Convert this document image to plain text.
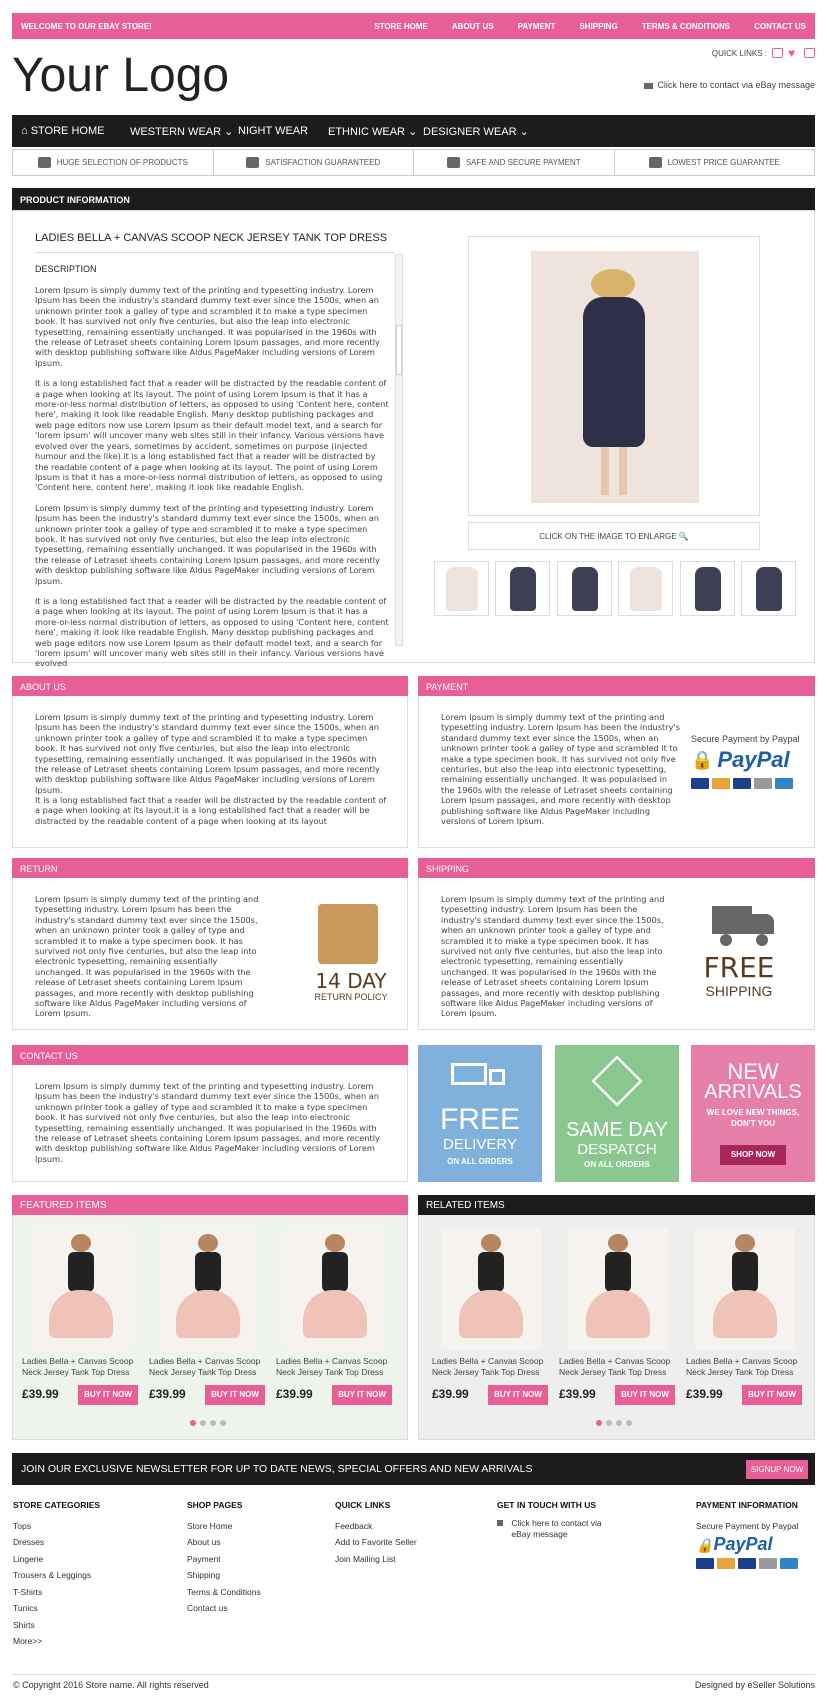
WELCOME TO OUR EBAY STORE!	STORE HOME	ABOUT US	PAYMENT	SHIPPING	TERMS & CONDITIONS	CONTACT US
Your Logo	QUICK LINKS : ♥
Click here to contact via eBay message
⌂ STORE HOME WESTERN WEAR ⌄ NIGHT WEAR ETHNIC WEAR ⌄ DESIGNER WEAR ⌄
HUGE SELECTION OF PRODUCTS	SATISFACTION GUARANTEED	SAFE AND SECURE PAYMENT	LOWEST PRICE GUARANTEE
PRODUCT INFORMATION
LADIES BELLA + CANVAS SCOOP NECK JERSEY TANK TOP DRESS
DESCRIPTION

Lorem Ipsum is simply dummy text of the printing and typesetting industry. Lorem Ipsum has been the industry's standard dummy text ever since the 1500s, when an unknown printer took a galley of type and scrambled it to make a type specimen book. It has survived not only five centuries, but also the leap into electronic typesetting, remaining essentially unchanged. It was popularised in the 1960s with the release of Letraset sheets containing Lorem Ipsum passages, and more recently with desktop publishing software like Aldus PageMaker including versions of Lorem Ipsum.

It is a long established fact that a reader will be distracted by the readable content of a page when looking at its layout. The point of using Lorem Ipsum is that it has a more-or-less normal distribution of letters, as opposed to using 'Content here, content here', making it look like readable English. Many desktop publishing packages and web page editors now use Lorem Ipsum as their default model text, and a search for 'lorem ipsum' will uncover many web sites still in their infancy. Various versions have evolved over the years, sometimes by accident, sometimes on purpose (injected humour and the like).it is a long established fact that a reader will be distracted by the readable content of a page when looking at its layout. The point of using Lorem Ipsum is that it has a more-or-less normal distribution of letters, as opposed to using 'Content here, content here', making it look like readable English.

Lorem Ipsum is simply dummy text of the printing and typesetting industry. Lorem Ipsum has been the industry's standard dummy text ever since the 1500s, when an unknown printer took a galley of type and scrambled it to make a type specimen book. It has survived not only five centuries, but also the leap into electronic typesetting, remaining essentially unchanged. It was popularised in the 1960s with the release of Letraset sheets containing Lorem Ipsum passages, and more recently with desktop publishing software like Aldus PageMaker including versions of Lorem Ipsum.

It is a long established fact that a reader will be distracted by the readable content of a page when looking at its layout. The point of using Lorem Ipsum is that it has a more-or-less normal distribution of letters, as opposed to using 'Content here, content here', making it look like readable English. Many desktop publishing packages and web page editors now use Lorem Ipsum as their default model text, and a search for 'lorem ipsum' will uncover many web sites still in their infancy. Various versions have evolved

CLICK ON THE IMAGE TO ENLARGE 🔍
ABOUT US

Lorem Ipsum is simply dummy text of the printing and typesetting industry. Lorem Ipsum has been the industry's standard dummy text ever since the 1500s, when an unknown printer took a galley of type and scrambled it to make a type specimen book. It has survived not only five centuries, but also the leap into electronic typesetting, remaining essentially unchanged. It was popularised in the 1960s with the release of Letraset sheets containing Lorem Ipsum passages, and more recently with desktop publishing software like Aldus PageMaker including versions of Lorem Ipsum.

It is a long established fact that a reader will be distracted by the readable content of a page when looking at its layout.it is a long established fact that a reader will be distracted by the readable content of a page when looking at its layout

PAYMENT

Lorem Ipsum is simply dummy text of the printing and typesetting industry. Lorem Ipsum has been the industry's standard dummy text ever since the 1500s, when an unknown printer took a galley of type and scrambled it to make a type specimen book. It has survived not only five centuries, but also the leap into electronic typesetting, remaining essentially unchanged. It was popularised in the 1960s with the release of Letraset sheets containing Lorem Ipsum passages, and more recently with desktop publishing software like Aldus PageMaker including versions of Lorem Ipsum.

Secure Payment by Paypal
🔒 PayPal
RETURN

Lorem Ipsum is simply dummy text of the printing and typesetting industry. Lorem Ipsum has been the industry's standard dummy text ever since the 1500s, when an unknown printer took a galley of type and scrambled it to make a type specimen book. It has survived not only five centuries, but also the leap into electronic typesetting, remaining essentially unchanged. It was popularised in the 1960s with the release of Letraset sheets containing Lorem Ipsum passages, and more recently with desktop publishing software like Aldus PageMaker including versions of Lorem Ipsum.

14 DAY
RETURN POLICY
SHIPPING

Lorem Ipsum is simply dummy text of the printing and typesetting industry. Lorem Ipsum has been the industry's standard dummy text ever since the 1500s, when an unknown printer took a galley of type and scrambled it to make a type specimen book. It has survived not only five centuries, but also the leap into electronic typesetting, remaining essentially unchanged. It was popularised in the 1960s with the release of Letraset sheets containing Lorem Ipsum passages, and more recently with desktop publishing software like Aldus PageMaker including versions of Lorem Ipsum.

FREE
SHIPPING
CONTACT US

Lorem Ipsum is simply dummy text of the printing and typesetting industry. Lorem Ipsum has been the industry's standard dummy text ever since the 1500s, when an unknown printer took a galley of type and scrambled it to make a type specimen book. It has survived not only five centuries, but also the leap into electronic typesetting, remaining essentially unchanged. It was popularised in the 1960s with the release of Letraset sheets containing Lorem Ipsum passages, and more recently with desktop publishing software like Aldus PageMaker including versions of Lorem Ipsum.

FREE
DELIVERY
ON ALL ORDERS
SAME DAY
DESPATCH
ON ALL ORDERS
NEW
ARRIVALS
WE LOVE NEW THINGS, DON'T YOU
SHOP NOW
FEATURED ITEMS	RELATED ITEMS
Ladies Bella + Canvas Scoop Neck Jersey Tank Top Dress
£39.99	BUY IT NOW
Ladies Bella + Canvas Scoop Neck Jersey Tank Top Dress
£39.99	BUY IT NOW
Ladies Bella + Canvas Scoop Neck Jersey Tank Top Dress
£39.99	BUY IT NOW
Ladies Bella + Canvas Scoop Neck Jersey Tank Top Dress
£39.99	BUY IT NOW
Ladies Bella + Canvas Scoop Neck Jersey Tank Top Dress
£39.99	BUY IT NOW
Ladies Bella + Canvas Scoop Neck Jersey Tank Top Dress
£39.99	BUY IT NOW
JOIN OUR EXCLUSIVE NEWSLETTER FOR UP TO DATE NEWS, SPECIAL OFFERS AND NEW ARRIVALS	SIGNUP NOW
STORE CATEGORIES
Tops
Dresses
Lingerie
Trousers & Leggings
T-Shirts
Tunics
Shirts
More>>
SHOP PAGES
Store Home
About us
Payment
Shipping
Terms & Conditions
Contact us
QUICK LINKS
Feedback
Add to Favorite Seller
Join Mailing List
GET IN TOUCH WITH US
Click here to contact via eBay message
PAYMENT INFORMATION
Secure Payment by Paypal
🔒PayPal
© Copyright 2016 Store name. All rights reserved	Designed by eSeller Solutions
